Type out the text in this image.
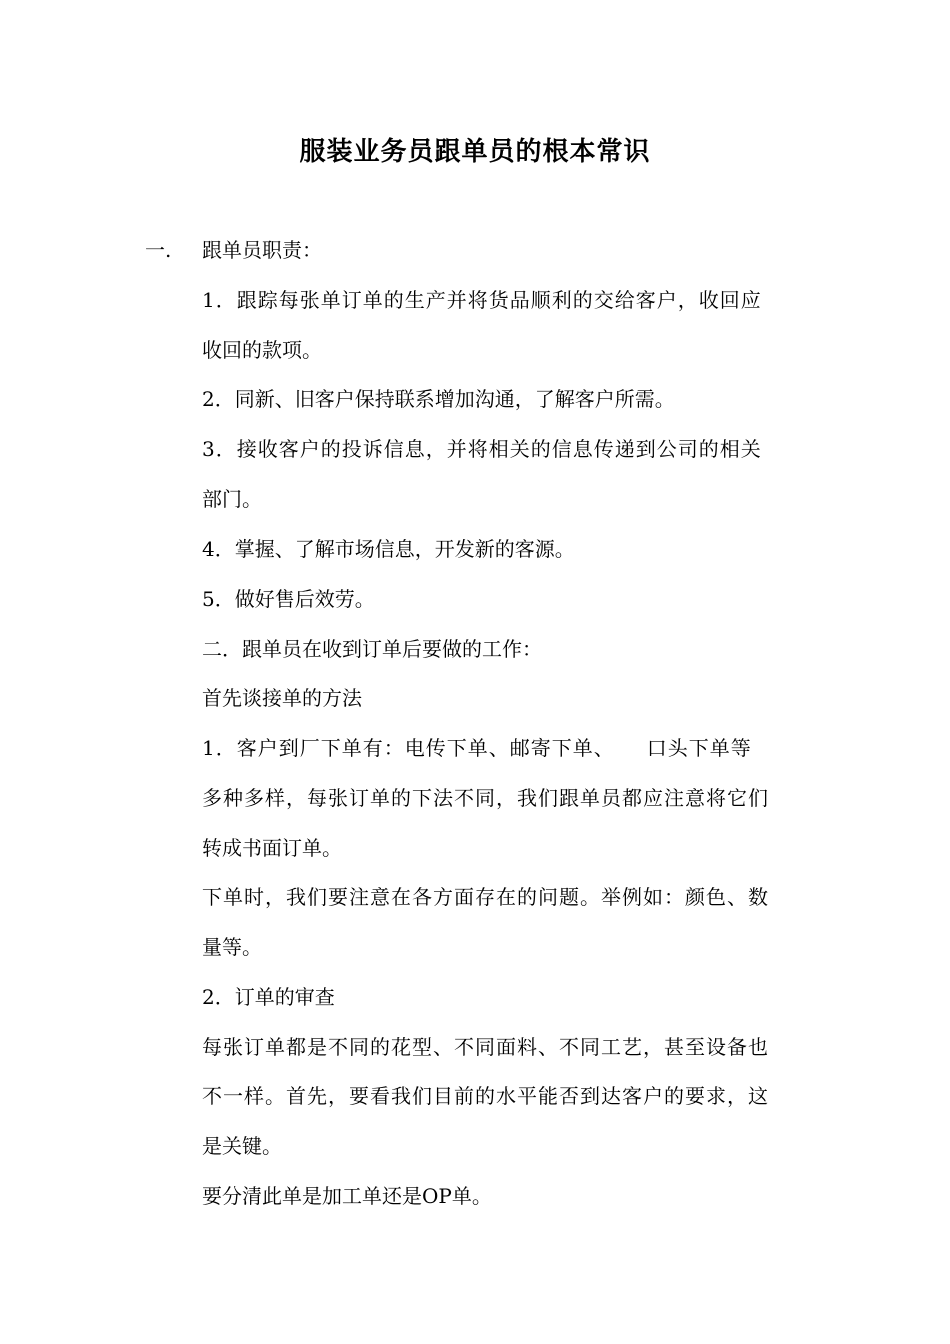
服装业务员跟单员的根本常识
一. 跟单员职责：
1．跟踪每张单订单的生产并将货品顺利的交给客户，收回应
收回的款项。
2．同新、旧客户保持联系增加沟通，了解客户所需。
3．接收客户的投诉信息，并将相关的信息传递到公司的相关
部门。
4．掌握、了解市场信息，开发新的客源。
5．做好售后效劳。
二．跟单员在收到订单后要做的工作：
首先谈接单的方法
1．客户到厂下单有：电传下单、邮寄下单、　　口头下单等
多种多样，每张订单的下法不同，我们跟单员都应注意将它们
转成书面订单。
下单时，我们要注意在各方面存在的问题。举例如：颜色、数
量等。
2．订单的审查
每张订单都是不同的花型、不同面料、不同工艺，甚至设备也
不一样。首先，要看我们目前的水平能否到达客户的要求，这
是关键。
要分清此单是加工单还是OP单。
